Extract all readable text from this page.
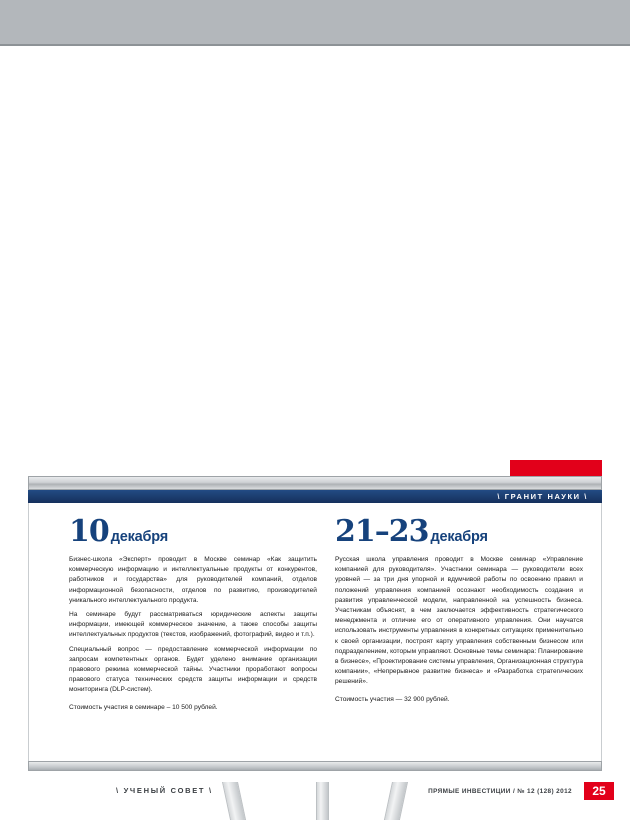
\ ГРАНИТ НАУКИ \
10 декабря

Бизнес-школа «Эксперт» проводит в Москве семинар «Как защитить коммерческую информацию и интеллектуальные продукты от конкурентов, работников и государства» для руководителей компаний, отделов информационной безопасности, отделов по развитию, производителей уникального интеллектуального продукта.

На семинаре будут рассматриваться юридические аспекты защиты информации, имеющей коммерческое значение, а также способы защиты интеллектуальных продуктов (текстов, изображений, фотографий, видео и т.п.).

Специальный вопрос — предоставление коммерческой информации по запросам компетентных органов. Будет уделено внимание организации правового режима коммерческой тайны. Участники проработают вопросы правового статуса технических средств защиты информации и средств мониторинга (DLP-систем).

Стоимость участия в семинаре – 10 500 рублей.

21–23 декабря

Русская школа управления проводит в Москве семинар «Управление компанией для руководителя». Участники семинара — руководители всех уровней — за три дня упорной и вдумчивой работы по освоению правил и положений управления компанией осознают необходимость создания и развития управленческой модели, направленной на успешность бизнеса. Участникам объяснят, в чем заключается эффективность стратегического менеджмента и отличие его от оперативного управления. Они научатся использовать инструменты управления в конкретных ситуациях применительно к своей организации, построят карту управления собственным бизнесом или подразделением, которым управляют. Основные темы семинара: Планирование в бизнесе», «Проектирование системы управления, Организационная структура компании», «Непрерывное развитие бизнеса» и «Разработка стратегических решений».

Стоимость участия — 32 900 рублей.

\ УЧЕНЫЙ СОВЕТ \	ПРЯМЫЕ ИНВЕСТИЦИИ / № 12 (128) 2012	25
